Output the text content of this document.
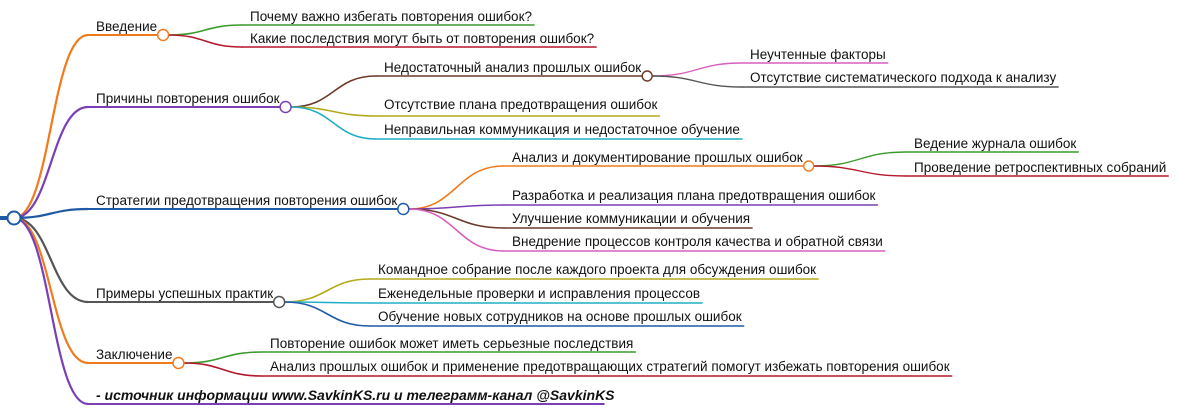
Введение
Почему важно избегать повторения ошибок?
Какие последствия могут быть от повторения ошибок?
Причины повторения ошибок
Недостаточный анализ прошлых ошибок
Неучтенные факторы
Отсутствие систематического подхода к анализу
Отсутствие плана предотвращения ошибок
Неправильная коммуникация и недостаточное обучение
Стратегии предотвращения повторения ошибок
Анализ и документирование прошлых ошибок
Ведение журнала ошибок
Проведение ретроспективных собраний
Разработка и реализация плана предотвращения ошибок
Улучшение коммуникации и обучения
Внедрение процессов контроля качества и обратной связи
Примеры успешных практик
Командное собрание после каждого проекта для обсуждения ошибок
Еженедельные проверки и исправления процессов
Обучение новых сотрудников на основе прошлых ошибок
Заключение
Повторение ошибок может иметь серьезные последствия
Анализ прошлых ошибок и применение предотвращающих стратегий помогут избежать повторения ошибок
- источник информации www.SavkinKS.ru и телеграмм-канал @SavkinKS
